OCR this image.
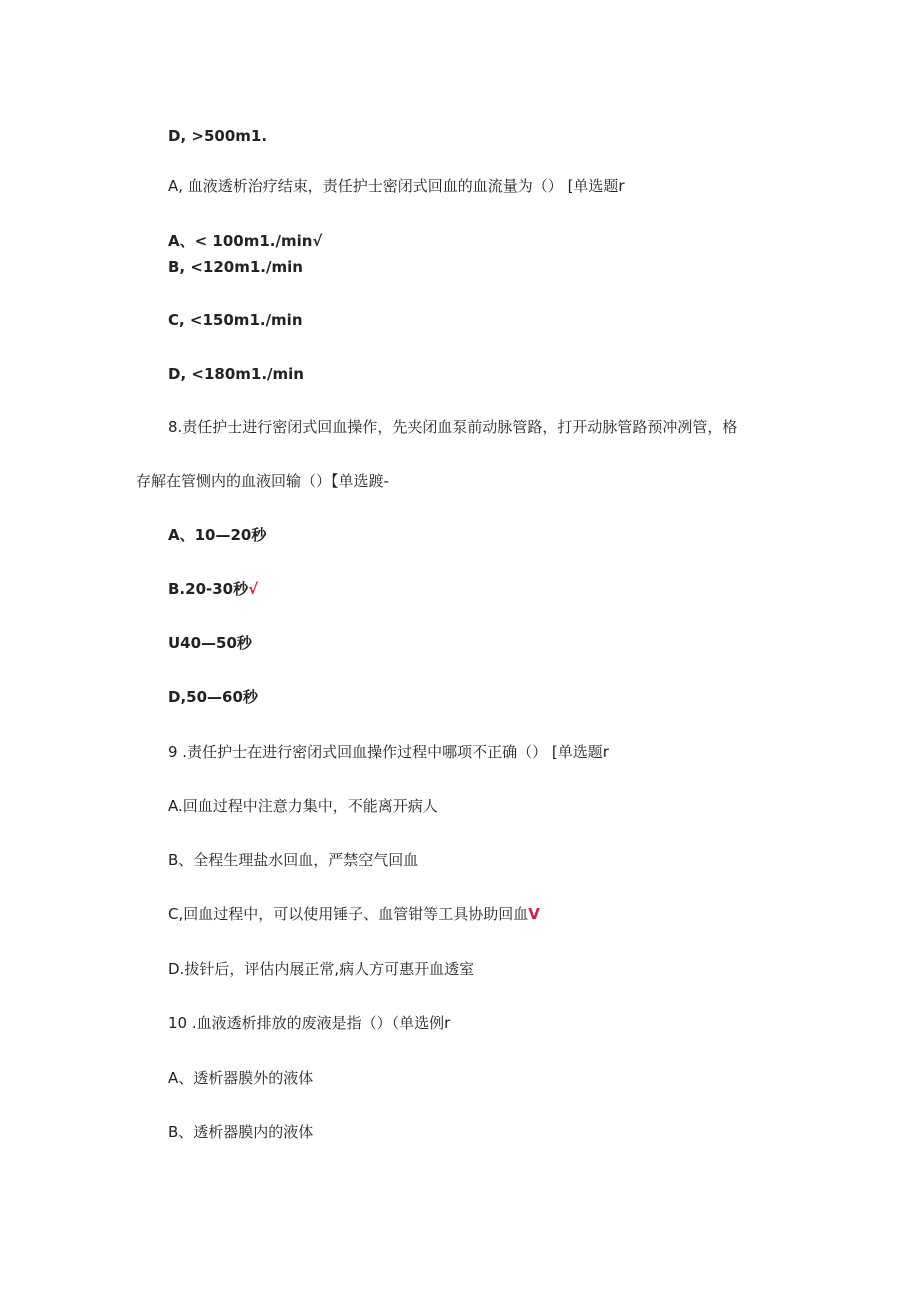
D, >500m1.
A, 血液透析治疗结束，责任护士密闭式回血的血流量为（） [单选题r
A、< 100m1./min√
B, <120m1./min
C, <150m1./min
D, <180m1./min
8.责任护士进行密闭式回血操作，先夹闭血泵前动脉管路，打开动脉管路预冲冽管，格
存解在管恻内的血液回输（）【单选踱-
A、10—20秒
B.20-30秒√
U40—50秒
D,50—60秒
9 .责任护士在进行密闭式回血操作过程中哪项不正确（） [单选题r
A.回血过程中注意力集中，不能离开病人
B、全程生理盐水回血，严禁空气回血
C,回血过程中，可以使用锤子、血管钳等工具协助回血V
D.拔针后，评估内展正常,病人方可惠开血透室
10 .血液透析排放的废液是指（）（单选例r
A、透析器膜外的液体
B、透析器膜内的液体
